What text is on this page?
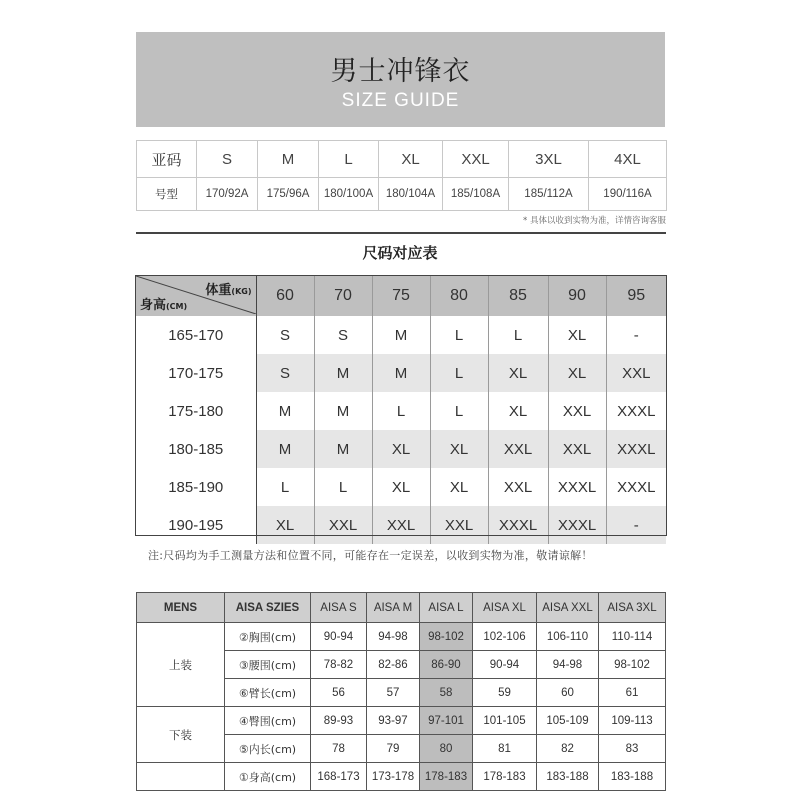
男士冲锋衣
SIZE GUIDE
亚码	S	M	L	XL	XXL	3XL	4XL
号型	170/92A	175/96A	180/100A	180/104A	185/108A	185/112A	190/116A
* 具体以收到实物为准，详情咨询客服
尺码对应表
体重(KG)
身高(CM)	60	70	75	80	85	90	95
165-170	S	S	M	L	L	XL	-
170-175	S	M	M	L	XL	XL	XXL
175-180	M	M	L	L	XL	XXL	XXXL
180-185	M	M	XL	XL	XXL	XXL	XXXL
185-190	L	L	XL	XL	XXL	XXXL	XXXL
190-195	XL	XXL	XXL	XXL	XXXL	XXXL	-
注:尺码均为手工测量方法和位置不同，可能存在一定误差，以收到实物为准，敬请谅解！
MENS	AISA SZIES	AISA S	AISA M	AISA L	AISA XL	AISA XXL	AISA 3XL
上装	②胸围(cm)	90-94	94-98	98-102	102-106	106-110	110-114
	③腰围(cm)	78-82	82-86	86-90	90-94	94-98	98-102
	⑥臂长(cm)	56	57	58	59	60	61
下装	④臀围(cm)	89-93	93-97	97-101	101-105	105-109	109-113
	⑤内长(cm)	78	79	80	81	82	83
	①身高(cm)	168-173	173-178	178-183	178-183	183-188	183-188
